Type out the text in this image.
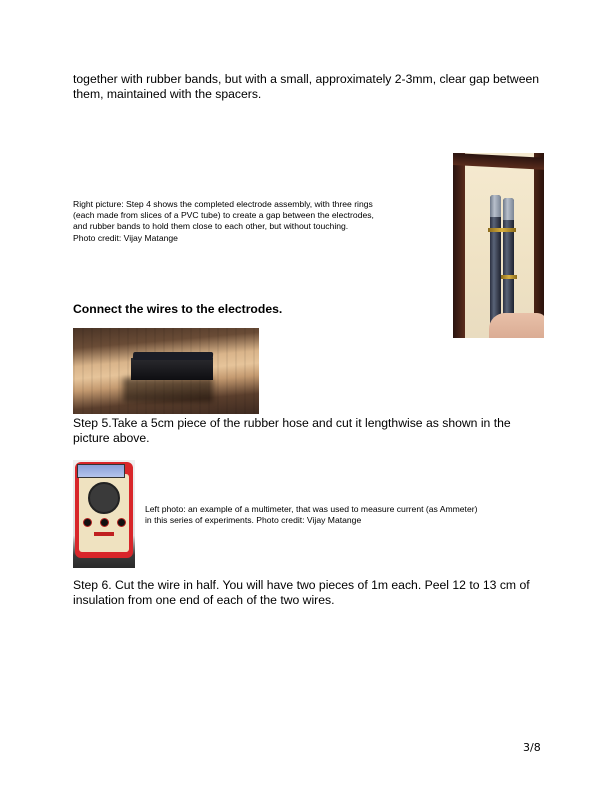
together with rubber bands, but with a small, approximately 2-3mm, clear gap between
them, maintained with the spacers.
Right picture: Step 4 shows the completed electrode assembly, with three rings
(each made from slices of a PVC tube) to create a gap between the electrodes,
and rubber bands to hold them close to each other, but without touching.
Photo credit: Vijay Matange
Connect the wires to the electrodes.
Step 5.Take a 5cm piece of the rubber hose and cut it lengthwise as shown in the
picture above.
Left photo: an example of a multimeter, that was used to measure current (as Ammeter)
in this series of experiments. Photo credit: Vijay Matange
Step 6. Cut the wire in half. You will have two pieces of 1m each. Peel 12 to 13 cm of
insulation from one end of each of the two wires.
3/8
